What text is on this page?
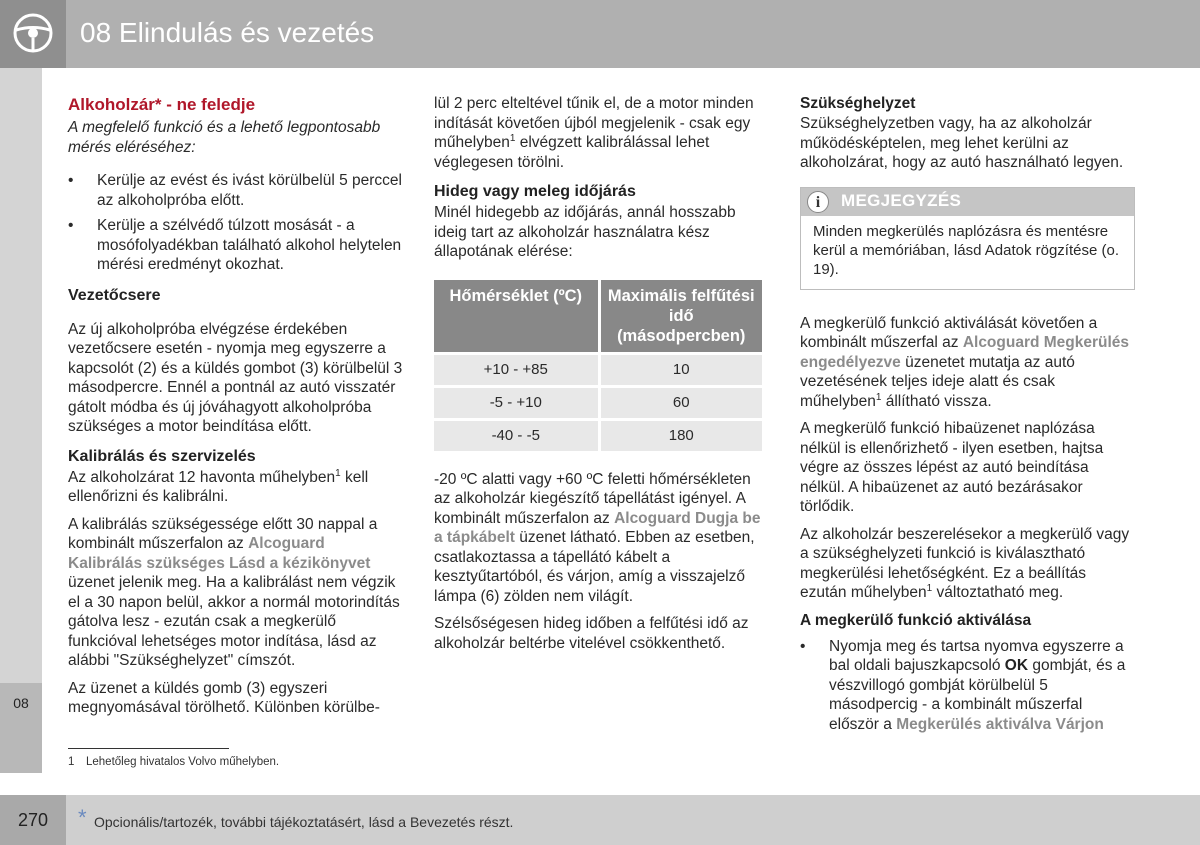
08 Elindulás és vezetés
08
Alkoholzár* - ne feledje

A megfelelő funkció és a lehető legpontosabb mérés eléréséhez:

• Kerülje az evést és ivást körülbelül 5 perccel az alkoholpróba előtt.
• Kerülje a szélvédő túlzott mosását - a mosófolyadékban található alkohol helytelen mérési eredményt okozhat.
Vezetőcsere

Az új alkoholpróba elvégzése érdekében vezetőcsere esetén - nyomja meg egyszerre a kapcsolót (2) és a küldés gombot (3) körülbelül 3 másodpercre. Ennél a pontnál az autó visszatér gátolt módba és új jóváhagyott alkoholpróba szükséges a motor beindítása előtt.

Kalibrálás és szervizelés

Az alkoholzárat 12 havonta műhelyben$^1$ kell ellenőrizni és kalibrálni.

A kalibrálás szükségessége előtt 30 nappal a kombinált műszerfalon az Alcoguard Kalibrálás szükséges Lásd a kézikönyvet üzenet jelenik meg. Ha a kalibrálást nem végzik el a 30 napon belül, akkor a normál motorindítás gátolva lesz - ezután csak a megkerülő funkcióval lehetséges motor indítása, lásd az alábbi "Szükséghelyzet" címszót.

Az üzenet a küldés gomb (3) egyszeri megnyomásával törölhető. Különben körülbe-

lül 2 perc elteltével tűnik el, de a motor minden indítását követően újból megjelenik - csak egy műhelyben$^1$ elvégzett kalibrálással lehet véglegesen törölni.

Hideg vagy meleg időjárás

Minél hidegebb az időjárás, annál hosszabb ideig tart az alkoholzár használatra kész állapotának elérése:

Hőmérséklet (ºC)	Maximális felfűtési idő (másodpercben)
+10 - +85	10
-5 - +10	60
-40 - -5	180

-20 ºC alatti vagy +60 ºC feletti hőmérsékleten az alkoholzár kiegészítő tápellátást igényel. A kombinált műszerfalon az Alcoguard Dugja be a tápkábelt üzenet látható. Ebben az esetben, csatlakoztassa a tápellátó kábelt a kesztyűtartóból, és várjon, amíg a visszajelző lámpa (6) zölden nem világít.

Szélsőségesen hideg időben a felfűtési idő az alkoholzár beltérbe vitelével csökkenthető.

Szükséghelyzet

Szükséghelyzetben vagy, ha az alkoholzár működésképtelen, meg lehet kerülni az alkoholzárat, hogy az autó használható legyen.

i	MEGJEGYZÉS
Minden megkerülés naplózásra és mentésre kerül a memóriában, lásd Adatok rögzítése (o. 19).

A megkerülő funkció aktiválását követően a kombinált műszerfal az Alcoguard Megkerülés engedélyezve üzenetet mutatja az autó vezetésének teljes ideje alatt és csak műhelyben$^1$ állítható vissza.

A megkerülő funkció hibaüzenet naplózása nélkül is ellenőrizhető - ilyen esetben, hajtsa végre az összes lépést az autó beindítása nélkül. A hibaüzenet az autó bezárásakor törlődik.

Az alkoholzár beszerelésekor a megkerülő vagy a szükséghelyzeti funkció is kiválasztható megkerülési lehetőségként. Ez a beállítás ezután műhelyben$^1$ változtatható meg.

A megkerülő funkció aktiválása
• Nyomja meg és tartsa nyomva egyszerre a bal oldali bajuszkapcsoló OK gombját, és a vészvillogó gombját körülbelül 5 másodpercig - a kombinált műszerfal először a Megkerülés aktiválva Várjon
1 Lehetőleg hivatalos Volvo műhelyben.
270	* Opcionális/tartozék, további tájékoztatásért, lásd a Bevezetés részt.
